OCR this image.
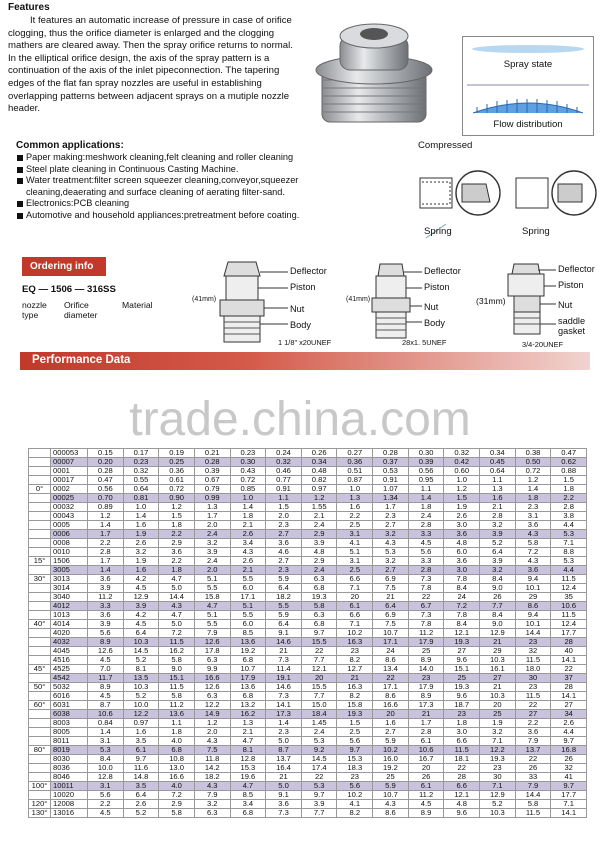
Features

It features an automatic increase of pressure in case of orifice clogging, thus the orifice diameter is enlarged and the clogging mathers are cleared away. Then the spray orifice returns to normal. In the elliptical orifice design, the axis of the spray pattern is a continuation of the axis of the inlet pipeconnection. The tapering edges of the flat fan spray nozzles are useful in establishing overlapping patterns between adjacent sprays on a mutiple nozzle header.

Spray state
Flow distribution
Common applications:
Paper making:meshwork cleaning,felt cleaning and roller cleaning
Steel plate cleaning in Continuous Casting Machine.
Water treatment:filter screen squeezer cleaning,conveyor,squeezer cleaning,deaerating and surface cleaning of aerating filter-sand.
Electronics:PCB cleaning
Automotive and household appliances:pretreatment before coating.
Compressed
Spring	Spring
Ordering info
EQ — 1506 — 316SS
nozzle type
Orifice diameter
Material
(41mm)
Deflector
Piston
Nut
Body
1 1/8" x20UNEF
(41mm)
Deflector
Piston
Nut
Body
28x1. 5UNEF
(31mm)
Deflector
Piston
Nut
saddle
gasket
3/4-20UNEF
Performance Data
trade.china.com
	000053	0.15	0.17	0.19	0.21	0.23	0.24	0.26	0.27	0.28	0.30	0.32	0.34	0.38	0.47
	00007	0.20	0.23	0.25	0.28	0.30	0.32	0.34	0.36	0.37	0.39	0.42	0.45	0.50	0.62
	0001	0.28	0.32	0.36	0.39	0.43	0.46	0.48	0.51	0.53	0.56	0.60	0.64	0.72	0.88
	00017	0.47	0.55	0.61	0.67	0.72	0.77	0.82	0.87	0.91	0.95	1.0	1.1	1.2	1.5
0°	0002	0.56	0.64	0.72	0.79	0.85	0.91	0.97	1.0	1.07	1.1	1.2	1.3	1.4	1.8
	00025	0.70	0.81	0.90	0.99	1.0	1.1	1.2	1.3	1.34	1.4	1.5	1.6	1.8	2.2
	00032	0.89	1.0	1.2	1.3	1.4	1.5	1.55	1.6	1.7	1.8	1.9	2.1	2.3	2.8
	00043	1.2	1.4	1.5	1.7	1.8	2.0	2.1	2.2	2.3	2.4	2.6	2.8	3.1	3.8
	0005	1.4	1.6	1.8	2.0	2.1	2.3	2.4	2.5	2.7	2.8	3.0	3.2	3.6	4.4
	0006	1.7	1.9	2.2	2.4	2.6	2.7	2.9	3.1	3.2	3.3	3.6	3.9	4.3	5.3
	0008	2.2	2.6	2.9	3.2	3.4	3.6	3.9	4.1	4.3	4.5	4.8	5.2	5.8	7.1
	0010	2.8	3.2	3.6	3.9	4.3	4.6	4.8	5.1	5.3	5.6	6.0	6.4	7.2	8.8
15°	1506	1.7	1.9	2.2	2.4	2.6	2.7	2.9	3.1	3.2	3.3	3.6	3.9	4.3	5.3
	3005	1.4	1.6	1.8	2.0	2.1	2.3	2.4	2.5	2.7	2.8	3.0	3.2	3.6	4.4
30°	3013	3.6	4.2	4.7	5.1	5.5	5.9	6.3	6.6	6.9	7.3	7.8	8.4	9.4	11.5
	3014	3.9	4.5	5.0	5.5	6.0	6.4	6.8	7.1	7.5	7.8	8.4	9.0	10.1	12.4
	3040	11.2	12.9	14.4	15.8	17.1	18.2	19.3	20	21	22	24	26	29	35
	4012	3.3	3.9	4.3	4.7	5.1	5.5	5.8	6.1	6.4	6.7	7.2	7.7	8.6	10.6
	1013	3.6	4.2	4.7	5.1	5.5	5.9	6.3	6.6	6.9	7.3	7.8	8.4	9.4	11.5
40°	4014	3.9	4.5	5.0	5.5	6.0	6.4	6.8	7.1	7.5	7.8	8.4	9.0	10.1	12.4
	4020	5.6	6.4	7.2	7.9	8.5	9.1	9.7	10.2	10.7	11.2	12.1	12.9	14.4	17.7
	4032	8.9	10.3	11.5	12.6	13.6	14.6	15.5	16.3	17.1	17.9	19.3	21	23	28
	4045	12.6	14.5	16.2	17.8	19.2	21	22	23	24	25	27	29	32	40
	4516	4.5	5.2	5.8	6.3	6.8	7.3	7.7	8.2	8.6	8.9	9.6	10.3	11.5	14.1
45°	4525	7.0	8.1	9.0	9.9	10.7	11.4	12.1	12.7	13.4	14.0	15.1	16.1	18.0	22
	4542	11.7	13.5	15.1	16.6	17.9	19.1	20	21	22	23	25	27	30	37
50°	5032	8.9	10.3	11.5	12.6	13.6	14.6	15.5	16.3	17.1	17.9	19.3	21	23	28
	6016	4.5	5.2	5.8	6.3	6.8	7.3	7.7	8.2	8.6	8.9	9.6	10.3	11.5	14.1
60°	6031	8.7	10.0	11.2	12.2	13.2	14.1	15.0	15.8	16.6	17.3	18.7	20	22	27
	6038	10.6	12.2	13.6	14.9	16.2	17.3	18.4	19.3	20	21	23	25	27	34
	8003	0.84	0.97	1.1	1.2	1.3	1.4	1.45	1.5	1.6	1.7	1.8	1.9	2.2	2.6
	8005	1.4	1.6	1.8	2.0	2.1	2.3	2.4	2.5	2.7	2.8	3.0	3.2	3.6	4.4
	8011	3.1	3.5	4.0	4.3	4.7	5.0	5.3	5.6	5.9	6.1	6.6	7.1	7.9	9.7
80°	8019	5.3	6.1	6.8	7.5	8.1	8.7	9.2	9.7	10.2	10.6	11.5	12.2	13.7	16.8
	8030	8.4	9.7	10.8	11.8	12.8	13.7	14.5	15.3	16.0	16.7	18.1	19.3	22	26
	8036	10.0	11.6	13.0	14.2	15.3	16.4	17.4	18.3	19.2	20	22	23	26	32
	8046	12.8	14.8	16.6	18.2	19.6	21	22	23	25	26	28	30	33	41
100°	10011	3.1	3.5	4.0	4.3	4.7	5.0	5.3	5.6	5.9	6.1	6.6	7.1	7.9	9.7
	10020	5.6	6.4	7.2	7.9	8.5	9.1	9.7	10.2	10.7	11.2	12.1	12.9	14.4	17.7
120°	12008	2.2	2.6	2.9	3.2	3.4	3.6	3.9	4.1	4.3	4.5	4.8	5.2	5.8	7.1
130°	13016	4.5	5.2	5.8	6.3	6.8	7.3	7.7	8.2	8.6	8.9	9.6	10.3	11.5	14.1
